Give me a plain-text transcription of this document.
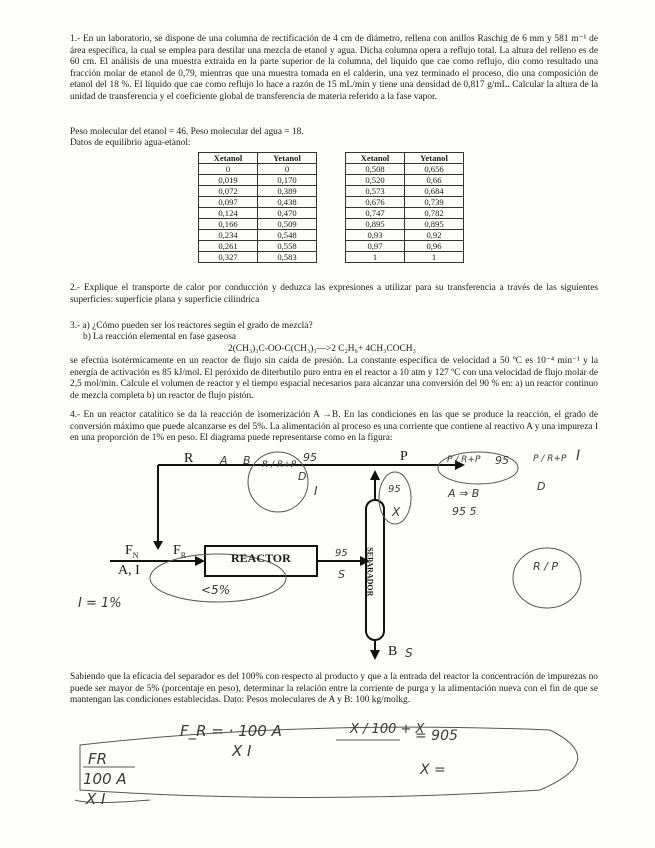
1.- En un laboratorio, se dispone de una columna de rectificación de 4 cm de diámetro, rellena con anillos Raschig de 6 mm y 581 m⁻¹ de área específica, la cual se emplea para destilar una mezcla de etanol y agua. Dicha columna opera a reflujo total. La altura del relleno es de 60 cm. El análisis de una muestra extraída en la parte superior de la columna, del líquido que cae como reflujo, dio como resultado una fracción molar de etanol de 0,79, mientras que una muestra tomada en el calderín, una vez terminado el proceso, dio una composición de etanol del 18 %. El líquido que cae como reflujo lo hace a razón de 15 mL/min y tiene una densidad de 0,817 g/mL. Calcular la altura de la unidad de transferencia y el coeficiente global de transferencia de materia referido a la fase vapor.
Peso molecular del etanol = 46. Peso molecular del agua = 18.
Datos de equilibrio agua-etanol:
Xetanol	Yetanol
0	0
0,019	0,170
0,072	0,389
0,097	0,438
0,124	0,470
0,166	0,509
0,234	0,548
0,261	0,558
0,327	0,583
Xetanol	Yetanol
0,508	0,656
0,520	0,66
0,573	0,684
0,676	0,739
0,747	0,782
0,895	0,895
0,93	0,92
0,97	0,96
1	1
2.- Explique el transporte de calor por conducción y deduzca las expresiones a utilizar para su transferencia a través de las siguientes superficies: superficie plana y superficie cilíndrica
3.- a) ¿Cómo pueden ser los reactores según el grado de mezcla?
b) La reacción elemental en fase gaseosa
2(CH₃)₃C-OO-C(CH₃)₃—>2 C₂H₆+ 4CH₃COCH₃
se efectúa isotérmicamente en un reactor de flujo sin caída de presión. La constante específica de velocidad a 50 ºC es 10⁻⁴ min⁻¹ y la energía de activación es 85 kJ/mol. El peróxido de diterbutilo puro entra en el reactor a 10 atm y 127 ºC con una velocidad de flujo molar de 2,5 mol/min. Calcule el volumen de reactor y el tiempo espacial necesarios para alcanzar una conversión del 90 % en: a) un reactor continuo de mezcla completa b) un reactor de flujo pistón.
4.- En un reactor catalítico se da la reacción de isomerización A →B. En las condiciones en las que se produce la reacción, el grado de conversión máximo que puede alcanzarse es del 5%. La alimentación al proceso es una corriente que contiene al reactivo A y una impureza I en una proporción de 1% en peso. El diagrama puede representarse como en la figura:
R	P
$F_N$ $F_R$
A, I
REACTOR	SEPARADOR
B
A B R / R+P
95
D
I
P / R+P 95	P / R+P I
D
A ⇒ B
95 5
95
X
95
S
I = 1%
<5%
R / P
S
Sabiendo que la eficacia del separador es del 100% con respecto al producto y que a la entrada del reactor la concentración de impurezas no puede ser mayor de 5% (porcentaje en peso), determinar la relación entre la corriente de purga y la alimentación nueva con el fin de que se mantengan las condiciones establecidas. Dato: Pesos moleculares de A y B: 100 kg/molkg.
F_R = · 100 A
X I
X / 100 + X
= 905
X =
FR
100 A
X I
